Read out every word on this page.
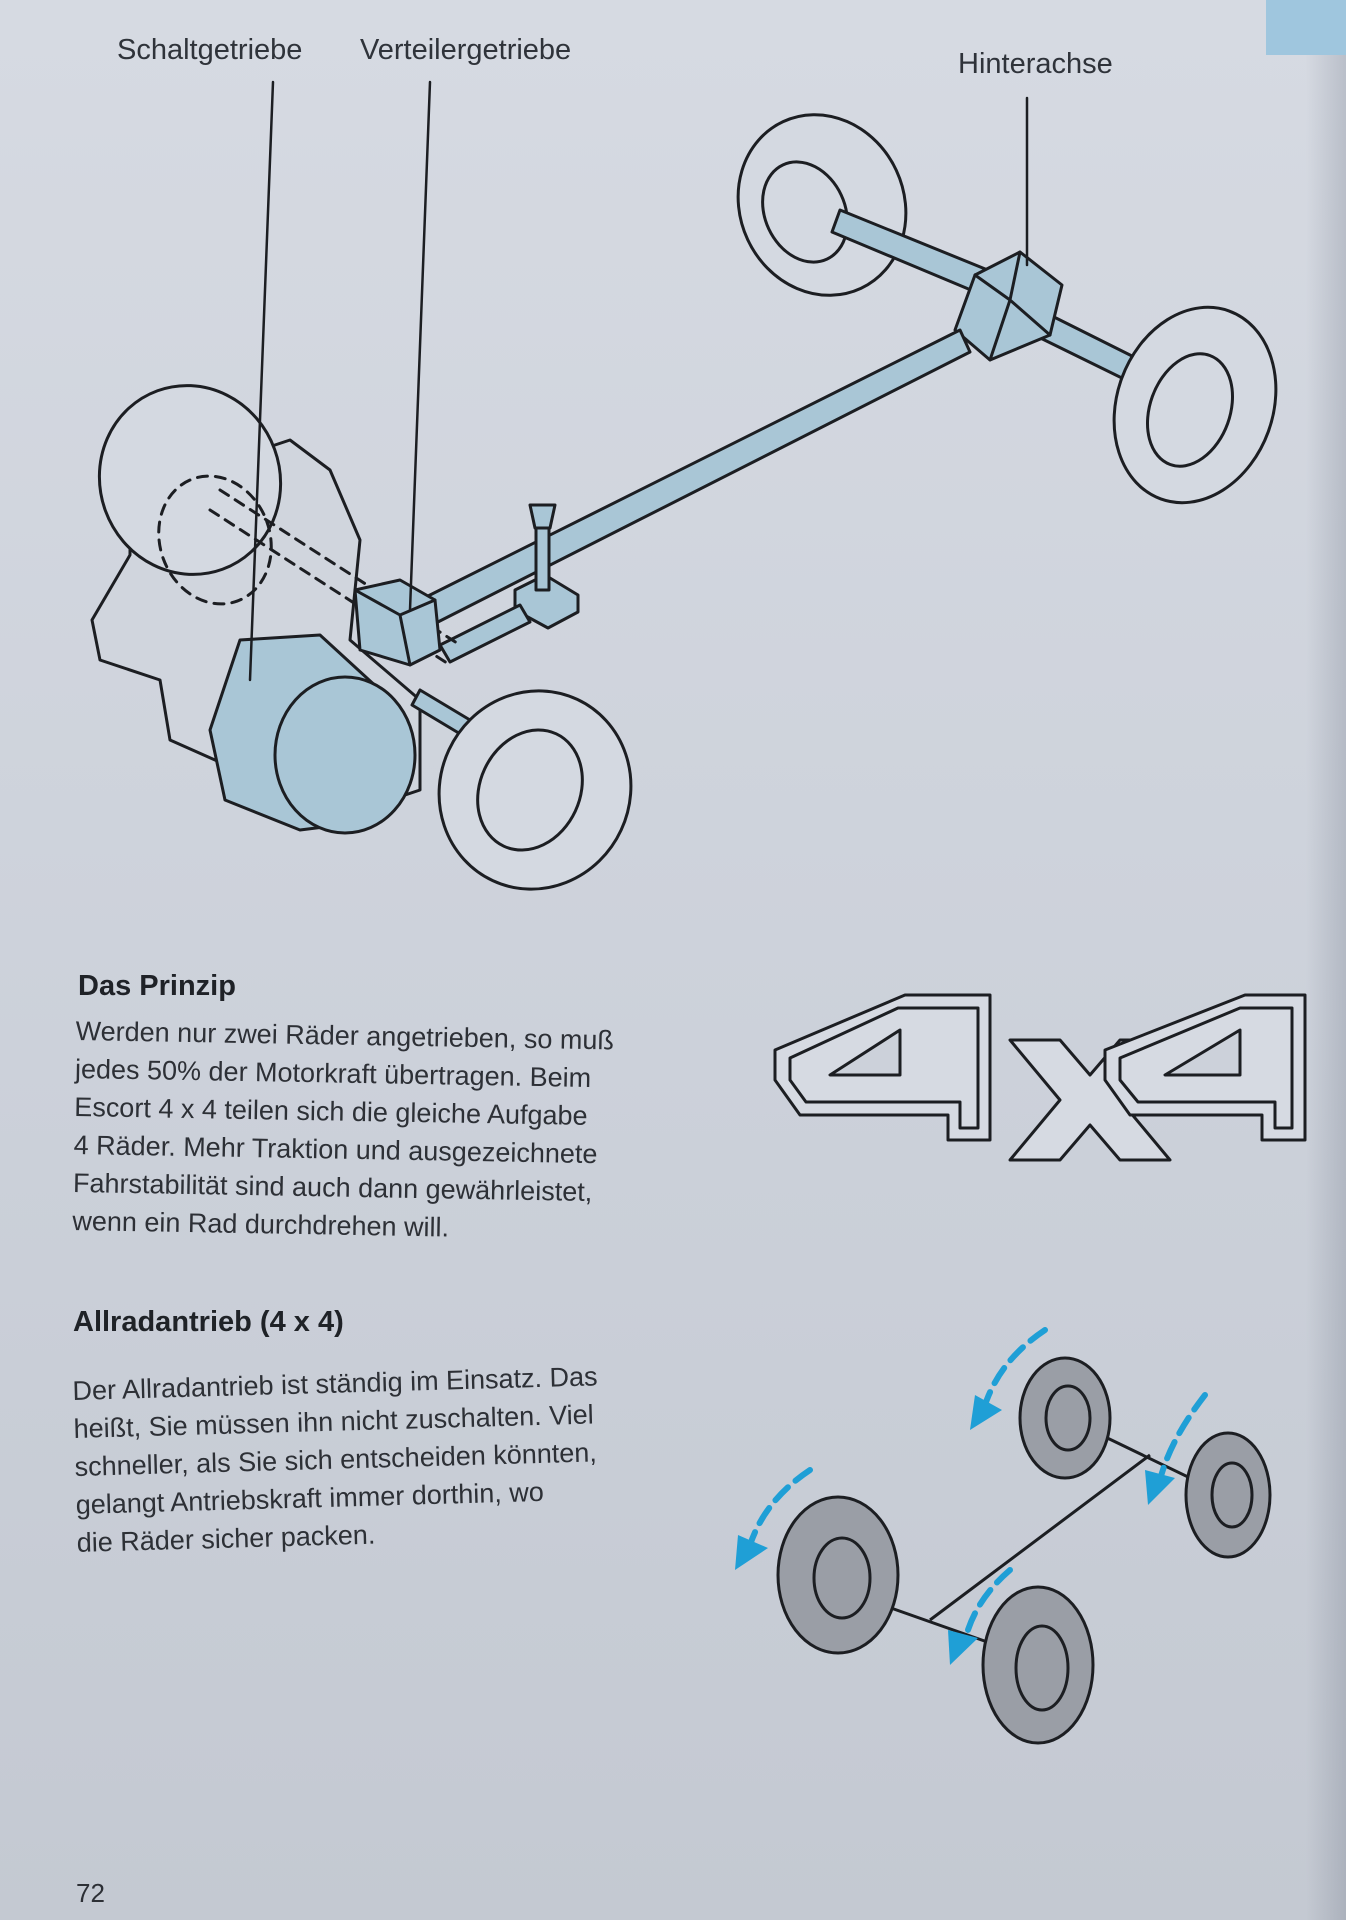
Schaltgetriebe Verteilergetriebe	Hinterachse
Das Prinzip
Werden nur zwei Räder angetrieben, so muß
jedes 50% der Motorkraft übertragen. Beim
Escort 4 x 4 teilen sich die gleiche Aufgabe
4 Räder. Mehr Traktion und ausgezeichnete
Fahrstabilität sind auch dann gewährleistet,
wenn ein Rad durchdrehen will.
Allradantrieb (4 x 4)
Der Allradantrieb ist ständig im Einsatz. Das
heißt, Sie müssen ihn nicht zuschalten. Viel
schneller, als Sie sich entscheiden könnten,
gelangt Antriebskraft immer dorthin, wo
die Räder sicher packen.
72
